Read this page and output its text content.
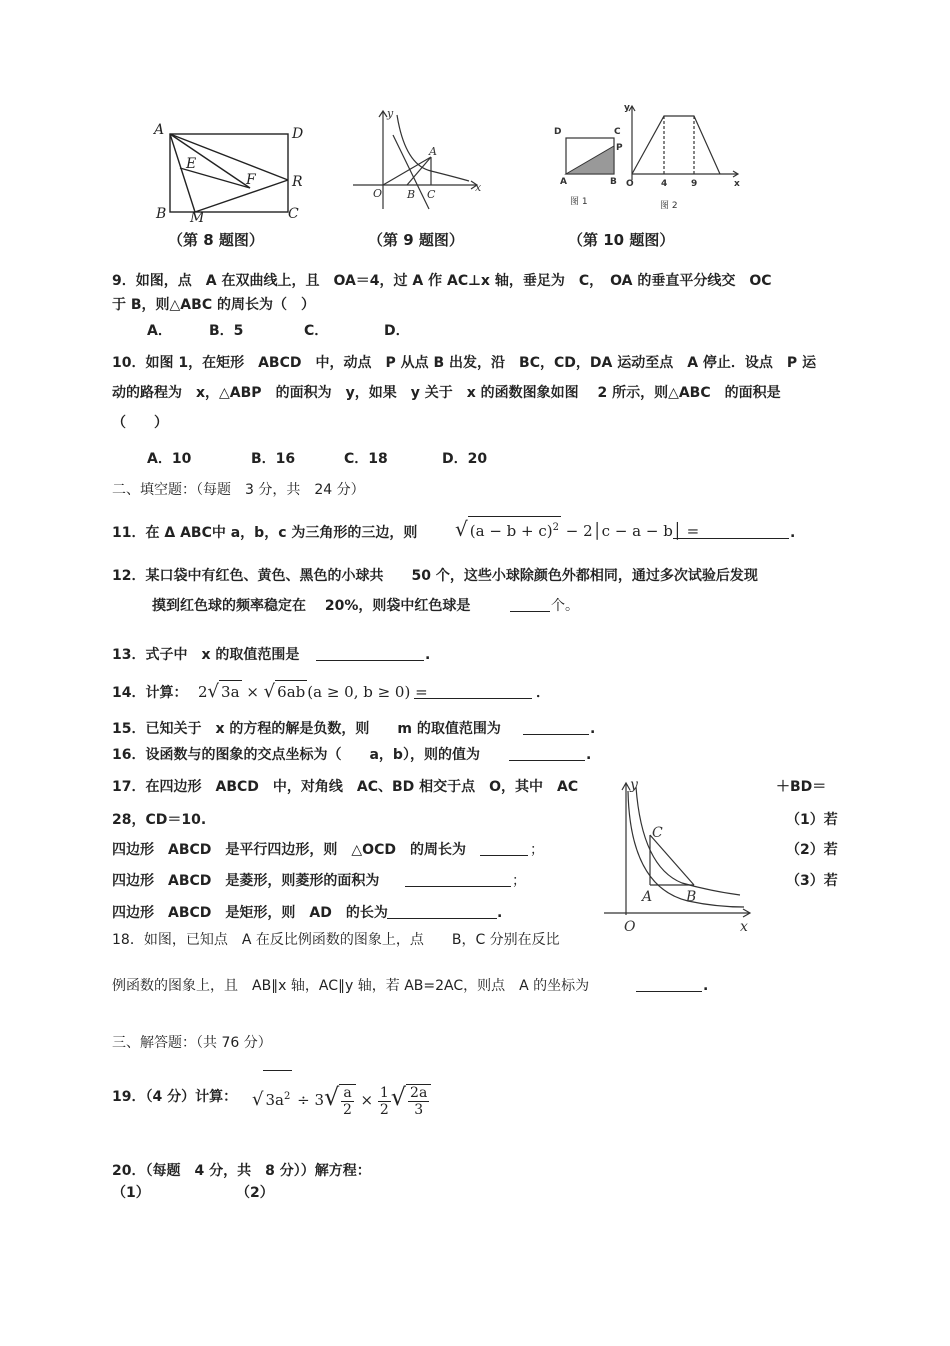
A	D
E
F	R
B M	C
（第 8 题图）
y
A
O B C
x
（第 9 题图）
D	C
P
A	B
y
O	4	9	x
图 1	图 2
（第 10 题图）
9．如图，点　A 在双曲线上，且　OA＝4，过 A 作 AC⊥x 轴，垂足为　C，　OA 的垂直平分线交　OC
于 B，则△ABC 的周长为（　）
A．	B．5	C．	D．
10．如图 1，在矩形　ABCD　中，动点　P 从点 B 出发，沿　BC，CD，DA 运动至点　A 停止．设点　P 运
动的路程为　x，△ABP　的面积为　y，如果　y 关于　x 的函数图象如图　 2 所示，则△ABC　的面积是
（　　）
A．10	B．16	C．18	D．20
二、填空题：（每题　3 分，共　24 分）
11．在 Δ ABC中 a，b，c 为三角形的三边，则 √ $(a - b + c)^2$ − 2│c − a − b│ =	.
12．某口袋中有红色、黄色、黑色的小球共　　50 个，这些小球除颜色外都相同，通过多次试验后发现
摸到红色球的频率稳定在　 20%，则袋中红色球是	个。
13．式子中　x 的取值范围是	.
14．计算： 2√ 3a × √ 6ab (a ≥ 0, b ≥ 0) =	．
15．已知关于　x 的方程的解是负数，则　　m 的取值范围为	.
16．设函数与的图象的交点坐标为（　　a，b），则的值为	.
17．在四边形　ABCD　中，对角线　AC、BD 相交于点　O，其中　AC	＋BD＝
28，CD＝10.	（1）若
四边形　ABCD　是平行四边形，则　△OCD　的周长为	；	（2）若
四边形　ABCD　是菱形，则菱形的面积为	；	（3）若
四边形　ABCD　是矩形，则　AD　的长为	.
y
C
A B
O	x
18．如图，已知点　A 在反比例函数的图象上，点　　B，C 分别在反比
例函数的图象上，且　AB∥x 轴，AC∥y 轴，若 AB=2AC，则点　A 的坐标为	.
三、解答题：（共 76 分）
19．（4 分）计算： √ $3a^2 \div 3√ \frac{a}{2} \times \frac{1}{2}$ √ $\frac{2a}{3}$
20．（每题　4 分，共　8 分））解方程：
（1）	（2）
